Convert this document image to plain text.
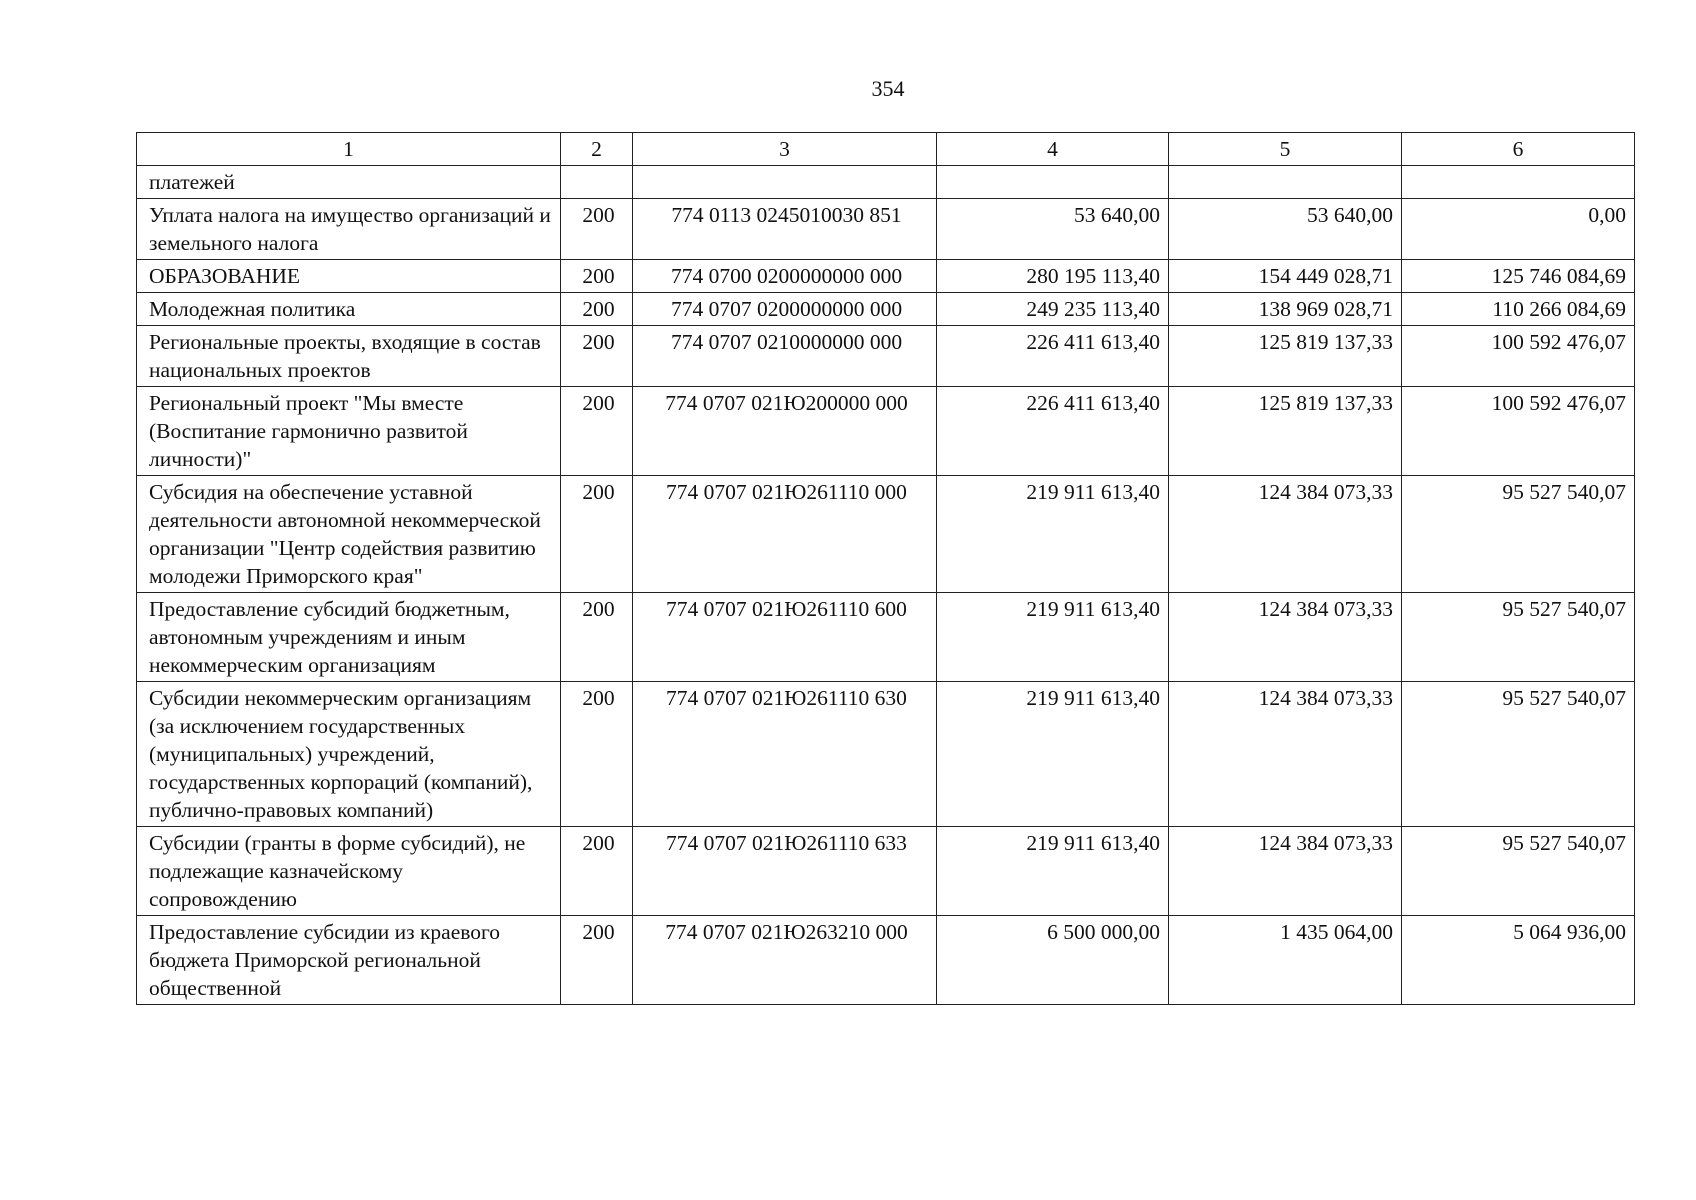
354
1	2	3	4	5	6
платежей					
Уплата налога на имущество организаций и земельного налога	200	774 0113 0245010030 851	53 640,00	53 640,00	0,00
ОБРАЗОВАНИЕ	200	774 0700 0200000000 000	280 195 113,40	154 449 028,71	125 746 084,69
Молодежная политика	200	774 0707 0200000000 000	249 235 113,40	138 969 028,71	110 266 084,69
Региональные проекты, входящие в состав национальных проектов	200	774 0707 0210000000 000	226 411 613,40	125 819 137,33	100 592 476,07
Региональный проект "Мы вместе (Воспитание гармонично развитой личности)"	200	774 0707 021Ю200000 000	226 411 613,40	125 819 137,33	100 592 476,07
Субсидия на обеспечение уставной деятельности автономной некоммерческой организации "Центр содействия развитию молодежи Приморского края"	200	774 0707 021Ю261110 000	219 911 613,40	124 384 073,33	95 527 540,07
Предоставление субсидий бюджетным, автономным учреждениям и иным некоммерческим организациям	200	774 0707 021Ю261110 600	219 911 613,40	124 384 073,33	95 527 540,07
Субсидии некоммерческим организациям (за исключением государственных (муниципальных) учреждений, государственных корпораций (компаний), публично-правовых компаний)	200	774 0707 021Ю261110 630	219 911 613,40	124 384 073,33	95 527 540,07
Субсидии (гранты в форме субсидий), не подлежащие казначейскому сопровождению	200	774 0707 021Ю261110 633	219 911 613,40	124 384 073,33	95 527 540,07
Предоставление субсидии из краевого бюджета Приморской региональной общественной	200	774 0707 021Ю263210 000	6 500 000,00	1 435 064,00	5 064 936,00
